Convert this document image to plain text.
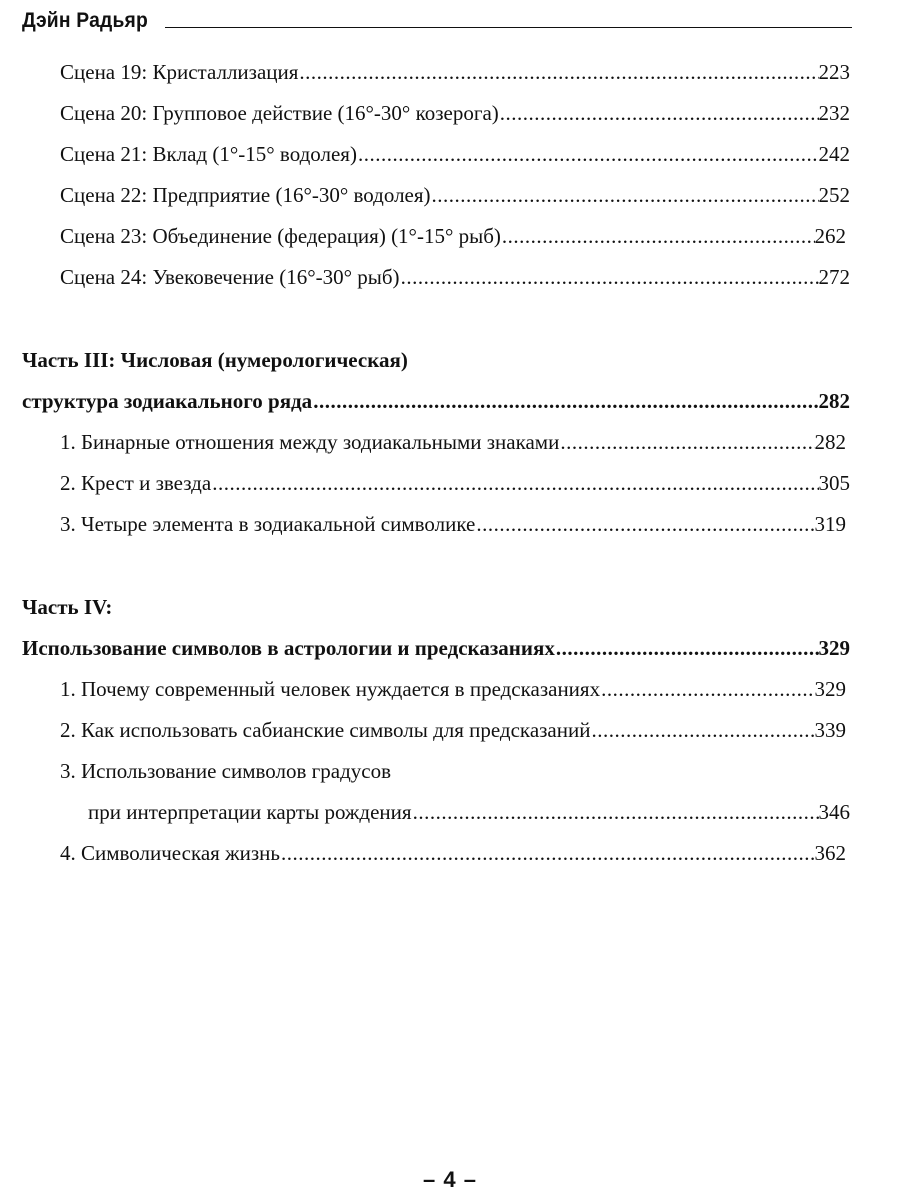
Дэйн Радьяр
Сцена 19: Кристаллизация .....	223
Сцена 20: Групповое действие (16°-30° козерога) .....	232
Сцена 21: Вклад (1°-15° водолея) .....	242
Сцена 22: Предприятие (16°-30° водолея) .....	252
Сцена 23: Объединение (федерация) (1°-15° рыб) .....	262
Сцена 24: Увековечение (16°-30° рыб) .....	272
Часть III: Числовая (нумерологическая)
структура зодиакального ряда .....	282
1. Бинарные отношения между зодиакальными знаками .....	282
2. Крест и звезда .....	305
3. Четыре элемента в зодиакальной символике .....	319
Часть IV:
Использование символов в астрологии и предсказаниях .....	329
1. Почему современный человек нуждается в предсказаниях .....	329
2. Как использовать сабианские символы для предсказаний .....	339
3. Использование символов градусов
при интерпретации карты рождения .....	346
4. Символическая жизнь .....	362
– 4 –
